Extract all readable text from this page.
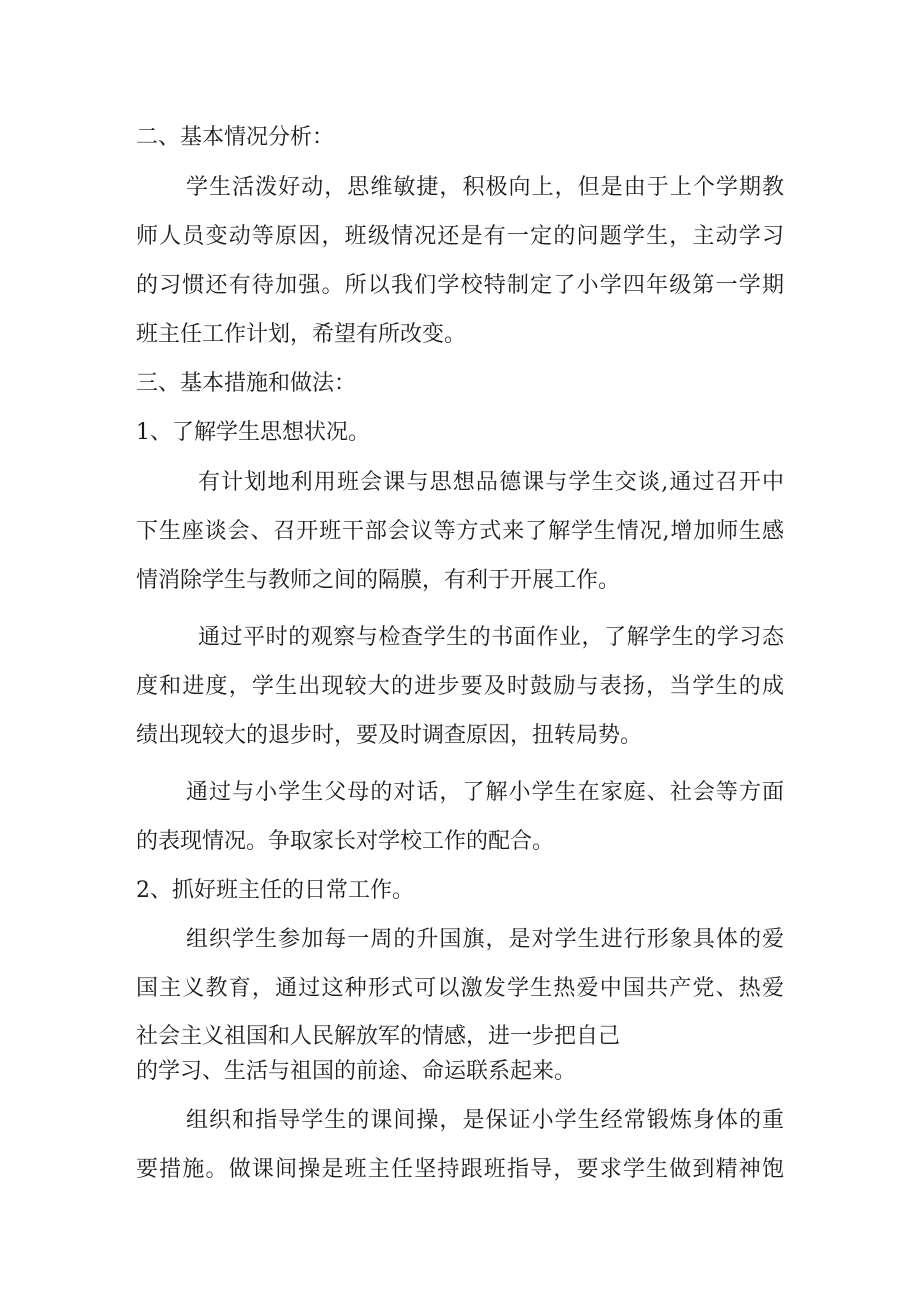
二、基本情况分析：
学生活泼好动，思维敏捷，积极向上，但是由于上个学期教
师人员变动等原因，班级情况还是有一定的问题学生，主动学习
的习惯还有待加强。所以我们学校特制定了小学四年级第一学期
班主任工作计划，希望有所改变。
三、基本措施和做法：
1、了解学生思想状况。
有计划地利用班会课与思想品德课与学生交谈,通过召开中
下生座谈会、召开班干部会议等方式来了解学生情况,增加师生感
情消除学生与教师之间的隔膜，有利于开展工作。
通过平时的观察与检查学生的书面作业，了解学生的学习态
度和进度，学生出现较大的进步要及时鼓励与表扬，当学生的成
绩出现较大的退步时，要及时调查原因，扭转局势。
通过与小学生父母的对话，了解小学生在家庭、社会等方面
的表现情况。争取家长对学校工作的配合。
2、抓好班主任的日常工作。
组织学生参加每一周的升国旗，是对学生进行形象具体的爱
国主义教育，通过这种形式可以激发学生热爱中国共产党、热爱
社会主义祖国和人民解放军的情感，进一步把自己
的学习、生活与祖国的前途、命运联系起来。
组织和指导学生的课间操，是保证小学生经常锻炼身体的重
要措施。做课间操是班主任坚持跟班指导，要求学生做到精神饱
